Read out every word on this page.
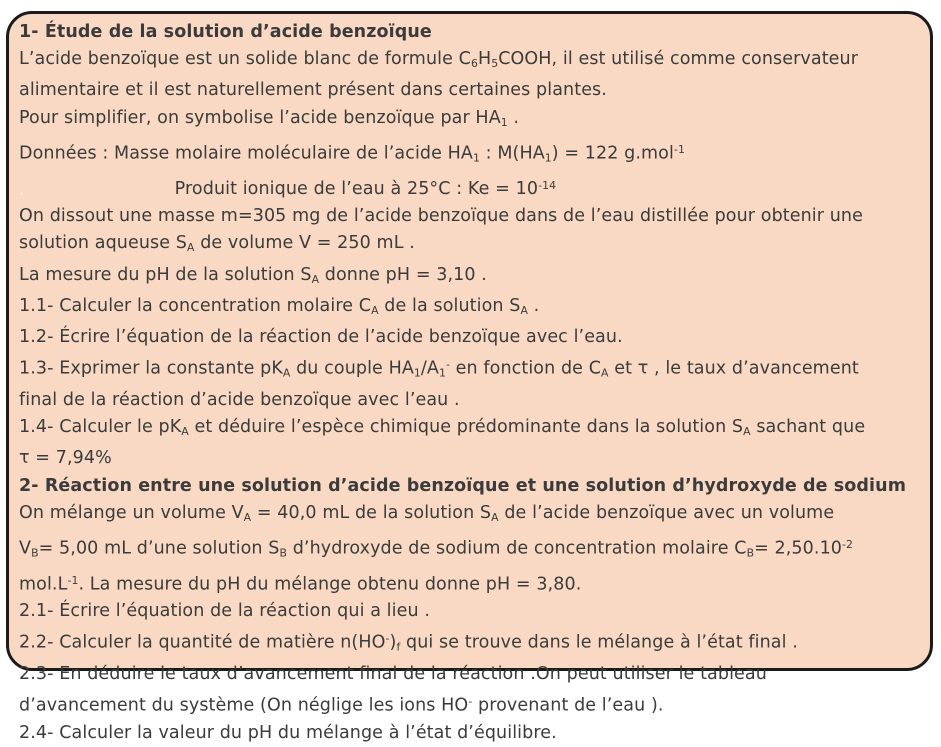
1- Étude de la solution d’acide benzoïque

L’acide benzoïque est un solide blanc de formule C6H5COOH, il est utilisé comme conservateur

alimentaire et il est naturellement présent dans certaines plantes.

Pour simplifier, on symbolise l’acide benzoïque par HA1 .

Données : Masse molaire moléculaire de l’acide HA1 : M(HA1) = 122 g.mol$^{-1}$

.	Produit ionique de l’eau à 25°C : $Ke = 10^{-14}$

On dissout une masse m=305 mg de l’acide benzoïque dans de l’eau distillée pour obtenir une

solution aqueuse SA de volume V = 250 mL .

La mesure du pH de la solution SA donne pH = 3,10 .

1.1- Calculer la concentration molaire CA de la solution SA .

1.2- Écrire l’équation de la réaction de l’acide benzoïque avec l’eau.

1.3- Exprimer la constante pKA du couple HA1/A1- en fonction de CA et τ , le taux d’avancement

final de la réaction d’acide benzoïque avec l’eau .

1.4- Calculer le pKA et déduire l’espèce chimique prédominante dans la solution SA sachant que

τ = 7,94%

2- Réaction entre une solution d’acide benzoïque et une solution d’hydroxyde de sodium

On mélange un volume VA = 40,0 mL de la solution SA de l’acide benzoïque avec un volume

VB= 5,00 mL d’une solution SB d’hydroxyde de sodium de concentration molaire $CB= 2,50.10^{-2}$

$mol.L^{-1}$. La mesure du pH du mélange obtenu donne pH = 3,80.

2.1- Écrire l’équation de la réaction qui a lieu .

2.2- Calculer la quantité de matière n(HO-)f qui se trouve dans le mélange à l’état final .

2.3- En déduire le taux d’avancement final de la réaction .On peut utiliser le tableau

d’avancement du système (On néglige les ions HO- provenant de l’eau ).

2.4- Calculer la valeur du pH du mélange à l’état d’équilibre.
